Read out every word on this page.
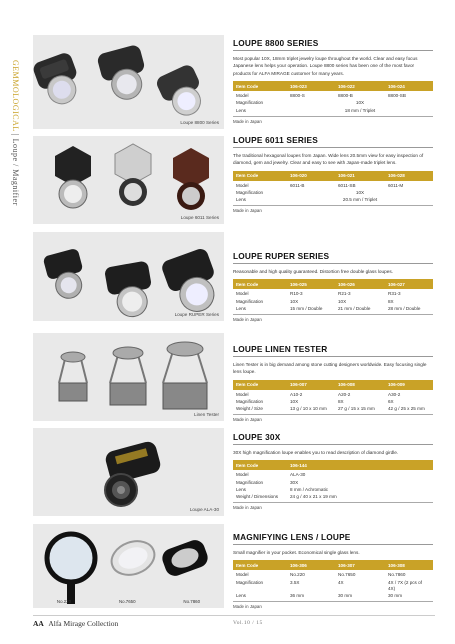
GEMMOLOGICAL | Loupe / Magnifier
Loupe 8800 Series
LOUPE 8800 SERIES
Most popular 10X, 18mm triplet jewelry loupe throughout the world. Clear and easy focus Japanese lens helps your operation. Loupe 8800 series has been one of the most favor products for ALFA MIRAGE customer for many years.
Item Code	106-023	106-022	106-024
Model	8800-S	8800-B	8800-SB
Magnification	10X		
Lens	18 mm / Triplet		
Made in Japan
Loupe 6011 Series
LOUPE 6011 SERIES
The traditional hexagonal loupes from Japan. Wide lens 20.5mm view for easy inspection of diamond, gem and jewelry. Clear and easy to see with Japan-made triplet lens.
Item Code	106-020	106-021	106-028
Model	6011-B	6011-SB	6011-M
Magnification	10X		
Lens	20.5 mm / Triplet		
Made in Japan
Loupe RUPER Series
LOUPE RUPER SERIES
Reasonable and high quality guaranteed. Distortion free double glass loupes.
Item Code	106-025	106-026	106-027
Model	R10-3	R21-3	R31-3
Magnification	10X	10X	8X
Lens	15 mm / Double	21 mm / Double	28 mm / Double
Made in Japan
Linen Tester
LOUPE LINEN TESTER
Linen Tester is in big demand among stone cutting designers worldwide. Easy focusing single lens loupe.
Item Code	106-007	106-008	106-009
Model	A10-2	A20-2	A30-2
Magnification	10X	8X	6X
Weight / Size	13 g / 10 x 10 mm	27 g / 15 x 15 mm	42 g / 25 x 25 mm
Made in Japan
Loupe ALA-30
LOUPE 30X
30X high magnification loupe enables you to read description of diamond girdle.
Item Code	106-144
Model	ALA-30
Magnification	30X
Lens	8 mm / Achromatic
Weight / Dimensions	24 g / 40 x 21 x 19 mm
Made in Japan
No.220	No.7650	No.7860
MAGNIFYING LENS / LOUPE
Small magnifier in your pocket. Economical single glass lens.
Item Code	106-306	106-307	106-308
Model	No.220	No.7650	No.7860
Magnification	3.5X	4X	4X / 7X (2 pcs of 4X)
Lens	36 mm	30 mm	30 mm
Made in Japan
AA Alfa Mirage Collection	Vol.10 / 15
